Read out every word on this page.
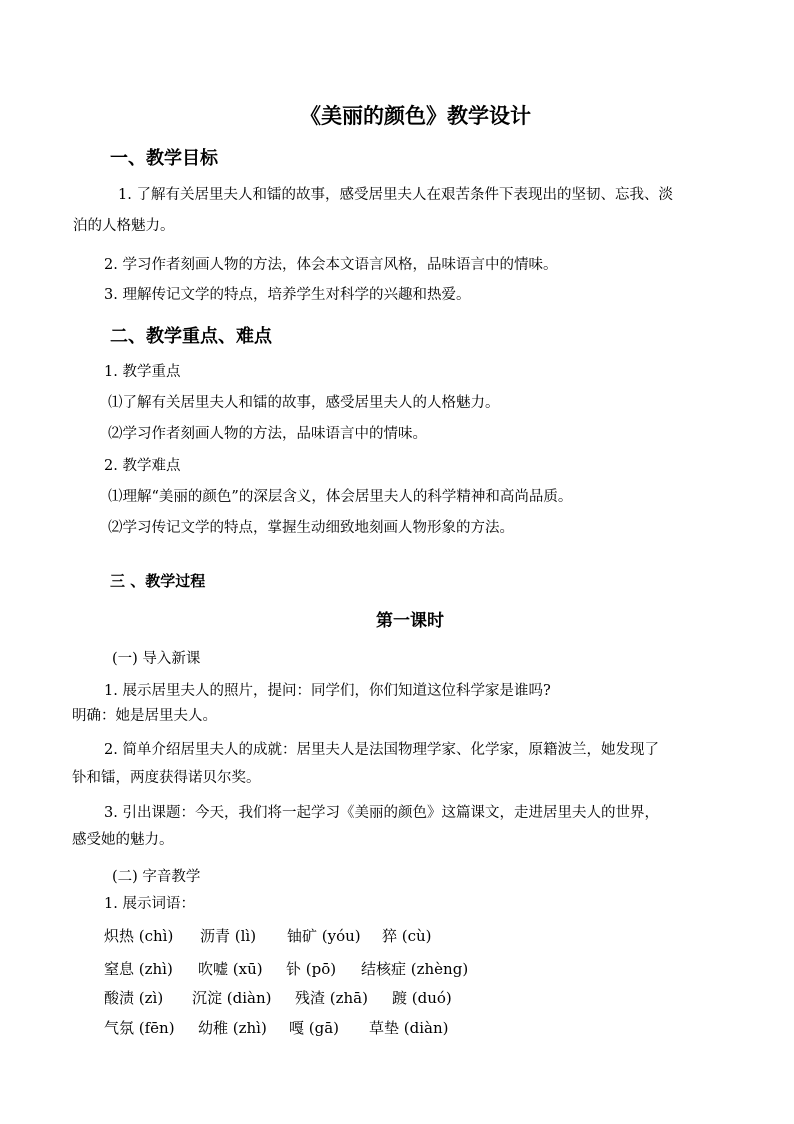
《美丽的颜色》教学设计
一、教学目标
1. 了解有关居里夫人和镭的故事，感受居里夫人在艰苦条件下表现出的坚韧、忘我、淡
泊的人格魅力。
2. 学习作者刻画人物的方法，体会本文语言风格，品味语言中的情味。
3. 理解传记文学的特点，培养学生对科学的兴趣和热爱。
二、教学重点、难点
1. 教学重点
⑴了解有关居里夫人和镭的故事，感受居里夫人的人格魅力。
⑵学习作者刻画人物的方法，品味语言中的情味。
2. 教学难点
⑴理解“美丽的颜色”的深层含义，体会居里夫人的科学精神和高尚品质。
⑵学习传记文学的特点，掌握生动细致地刻画人物形象的方法。
三 、教学过程
第一课时
(一) 导入新课
1. 展示居里夫人的照片，提问：同学们，你们知道这位科学家是谁吗?
明确：她是居里夫人。
2. 简单介绍居里夫人的成就：居里夫人是法国物理学家、化学家，原籍波兰，她发现了
钋和镭，两度获得诺贝尔奖。
3. 引出课题：今天，我们将一起学习《美丽的颜色》这篇课文，走进居里夫人的世界，
感受她的魅力。
(二) 字音教学
1. 展示词语：
炽热 (chì) 沥青 (lì) 铀矿 (yóu) 猝 (cù)
窒息 (zhì) 吹嘘 (xū) 钋 (pō) 结核症 (zhèng)
酸渍 (zì) 沉淀 (diàn) 残渣 (zhā) 踱 (duó)
气氛 (fēn) 幼稚 (zhì) 嘎 (gā) 草垫 (diàn)
